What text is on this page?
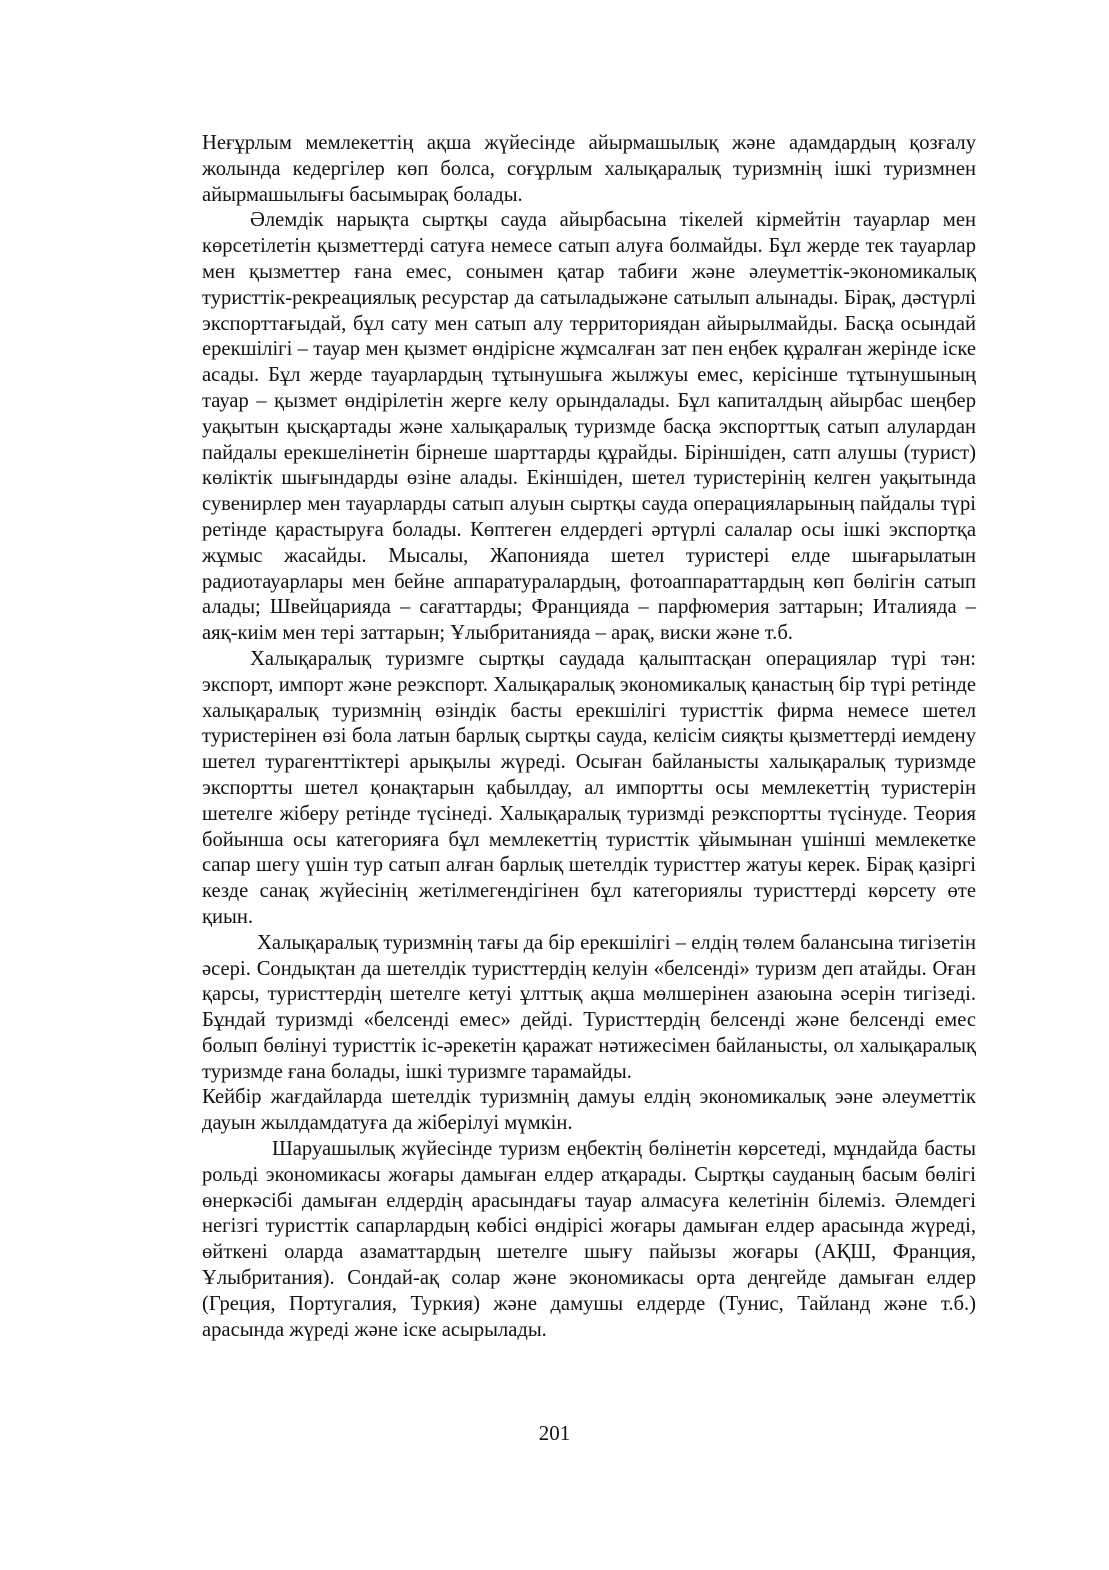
Неғұрлым мемлекеттің ақша жүйесінде айырмашылық және адамдардың қозғалу жолында кедергілер көп болса, соғұрлым халықаралық туризмнің ішкі туризмнен айырмашылығы басымырақ болады.

Әлемдік нарықта сыртқы сауда айырбасына тікелей кірмейтін тауарлар мен көрсетілетін қызметтерді сатуға немесе сатып алуға болмайды. Бұл жерде тек тауарлар мен қызметтер ғана емес, сонымен қатар табиғи және әлеуметтік-экономикалық туристтік-рекреациялық ресурстар да сатыладыжәне сатылып алынады. Бірақ, дәстүрлі экспорттағыдай, бұл сату мен сатып алу территориядан айырылмайды. Басқа осындай ерекшілігі – тауар мен қызмет өндірісне жұмсалған зат пен еңбек құралған жерінде іске асады. Бұл жерде тауарлардың тұтынушыға жылжуы емес, керісінше тұтынушының тауар – қызмет өндірілетін жерге келу орындалады. Бұл капиталдың айырбас шеңбер уақытын қысқартады және халықаралық туризмде басқа экспорттық сатып алулардан пайдалы ерекшелінетін бірнеше шарттарды құрайды. Біріншіден, сатп алушы (турист) көліктік шығындарды өзіне алады. Екіншіден, шетел туристерінің келген уақытында сувенирлер мен тауарларды сатып алуын сыртқы сауда операцияларының пайдалы түрі ретінде қарастыруға болады. Көптеген елдердегі әртүрлі салалар осы ішкі экспортқа жұмыс жасайды. Мысалы, Жапонияда шетел туристері елде шығарылатын радиотауарлары мен бейне аппаратуралардың, фотоаппараттардың көп бөлігін сатып алады; Швейцарияда – сағаттарды; Францияда – парфюмерия заттарын; Италияда – аяқ-киім мен тері заттарын; Ұлыбританияда – арақ, виски және т.б.

Халықаралық туризмге сыртқы саудада қалыптасқан операциялар түрі тән: экспорт, импорт және реэкспорт. Халықаралық экономикалық қанастың бір түрі ретінде халықаралық туризмнің өзіндік басты ерекшілігі туристтік фирма немесе шетел туристерінен өзі бола латын барлық сыртқы сауда, келісім сияқты қызметтерді иемдену шетел турагенттіктері арықылы жүреді. Осыған байланысты халықаралық туризмде экспортты шетел қонақтарын қабылдау, ал импортты осы мемлекеттің туристерін шетелге жіберу ретінде түсінеді. Халықаралық туризмді реэкспортты түсінуде. Теория бойынша осы категорияға бұл мемлекеттің туристтік ұйымынан үшінші мемлекетке сапар шегу үшін тур сатып алған барлық шетелдік туристтер жатуы керек. Бірақ қазіргі кезде санақ жүйесінің жетілмегендігінен бұл категориялы туристтерді көрсету өте қиын.

Халықаралық туризмнің тағы да бір ерекшілігі – елдің төлем балансына тигізетін әсері. Сондықтан да шетелдік туристтердің келуін «белсенді» туризм деп атайды. Оған қарсы, туристтердің шетелге кетуі ұлттық ақша мөлшерінен азаюына әсерін тигізеді. Бұндай туризмді «белсенді емес» дейді. Туристтердің белсенді және белсенді емес болып бөлінуі туристтік іс-әрекетін қаражат нәтижесімен байланысты, ол халықаралық туризмде ғана болады, ішкі туризмге тарамайды.

Кейбір жағдайларда шетелдік туризмнің дамуы елдің экономикалық эәне әлеуметтік дауын жылдамдатуға да жіберілуі мүмкін.

Шаруашылық жүйесінде туризм еңбектің бөлінетін көрсетеді, мұндайда басты рольді экономикасы жоғары дамыған елдер атқарады. Сыртқы сауданың басым бөлігі өнеркәсібі дамыған елдердің арасындағы тауар алмасуға келетінін білеміз. Әлемдегі негізгі туристтік сапарлардың көбісі өндірісі жоғары дамыған елдер арасында жүреді, өйткені оларда азаматтардың шетелге шығу пайызы жоғары (АҚШ, Франция, Ұлыбритания). Сондай-ақ солар және экономикасы орта деңгейде дамыған елдер (Греция, Португалия, Туркия) және дамушы елдерде (Тунис, Тайланд және т.б.) арасында жүреді және іске асырылады.

201
